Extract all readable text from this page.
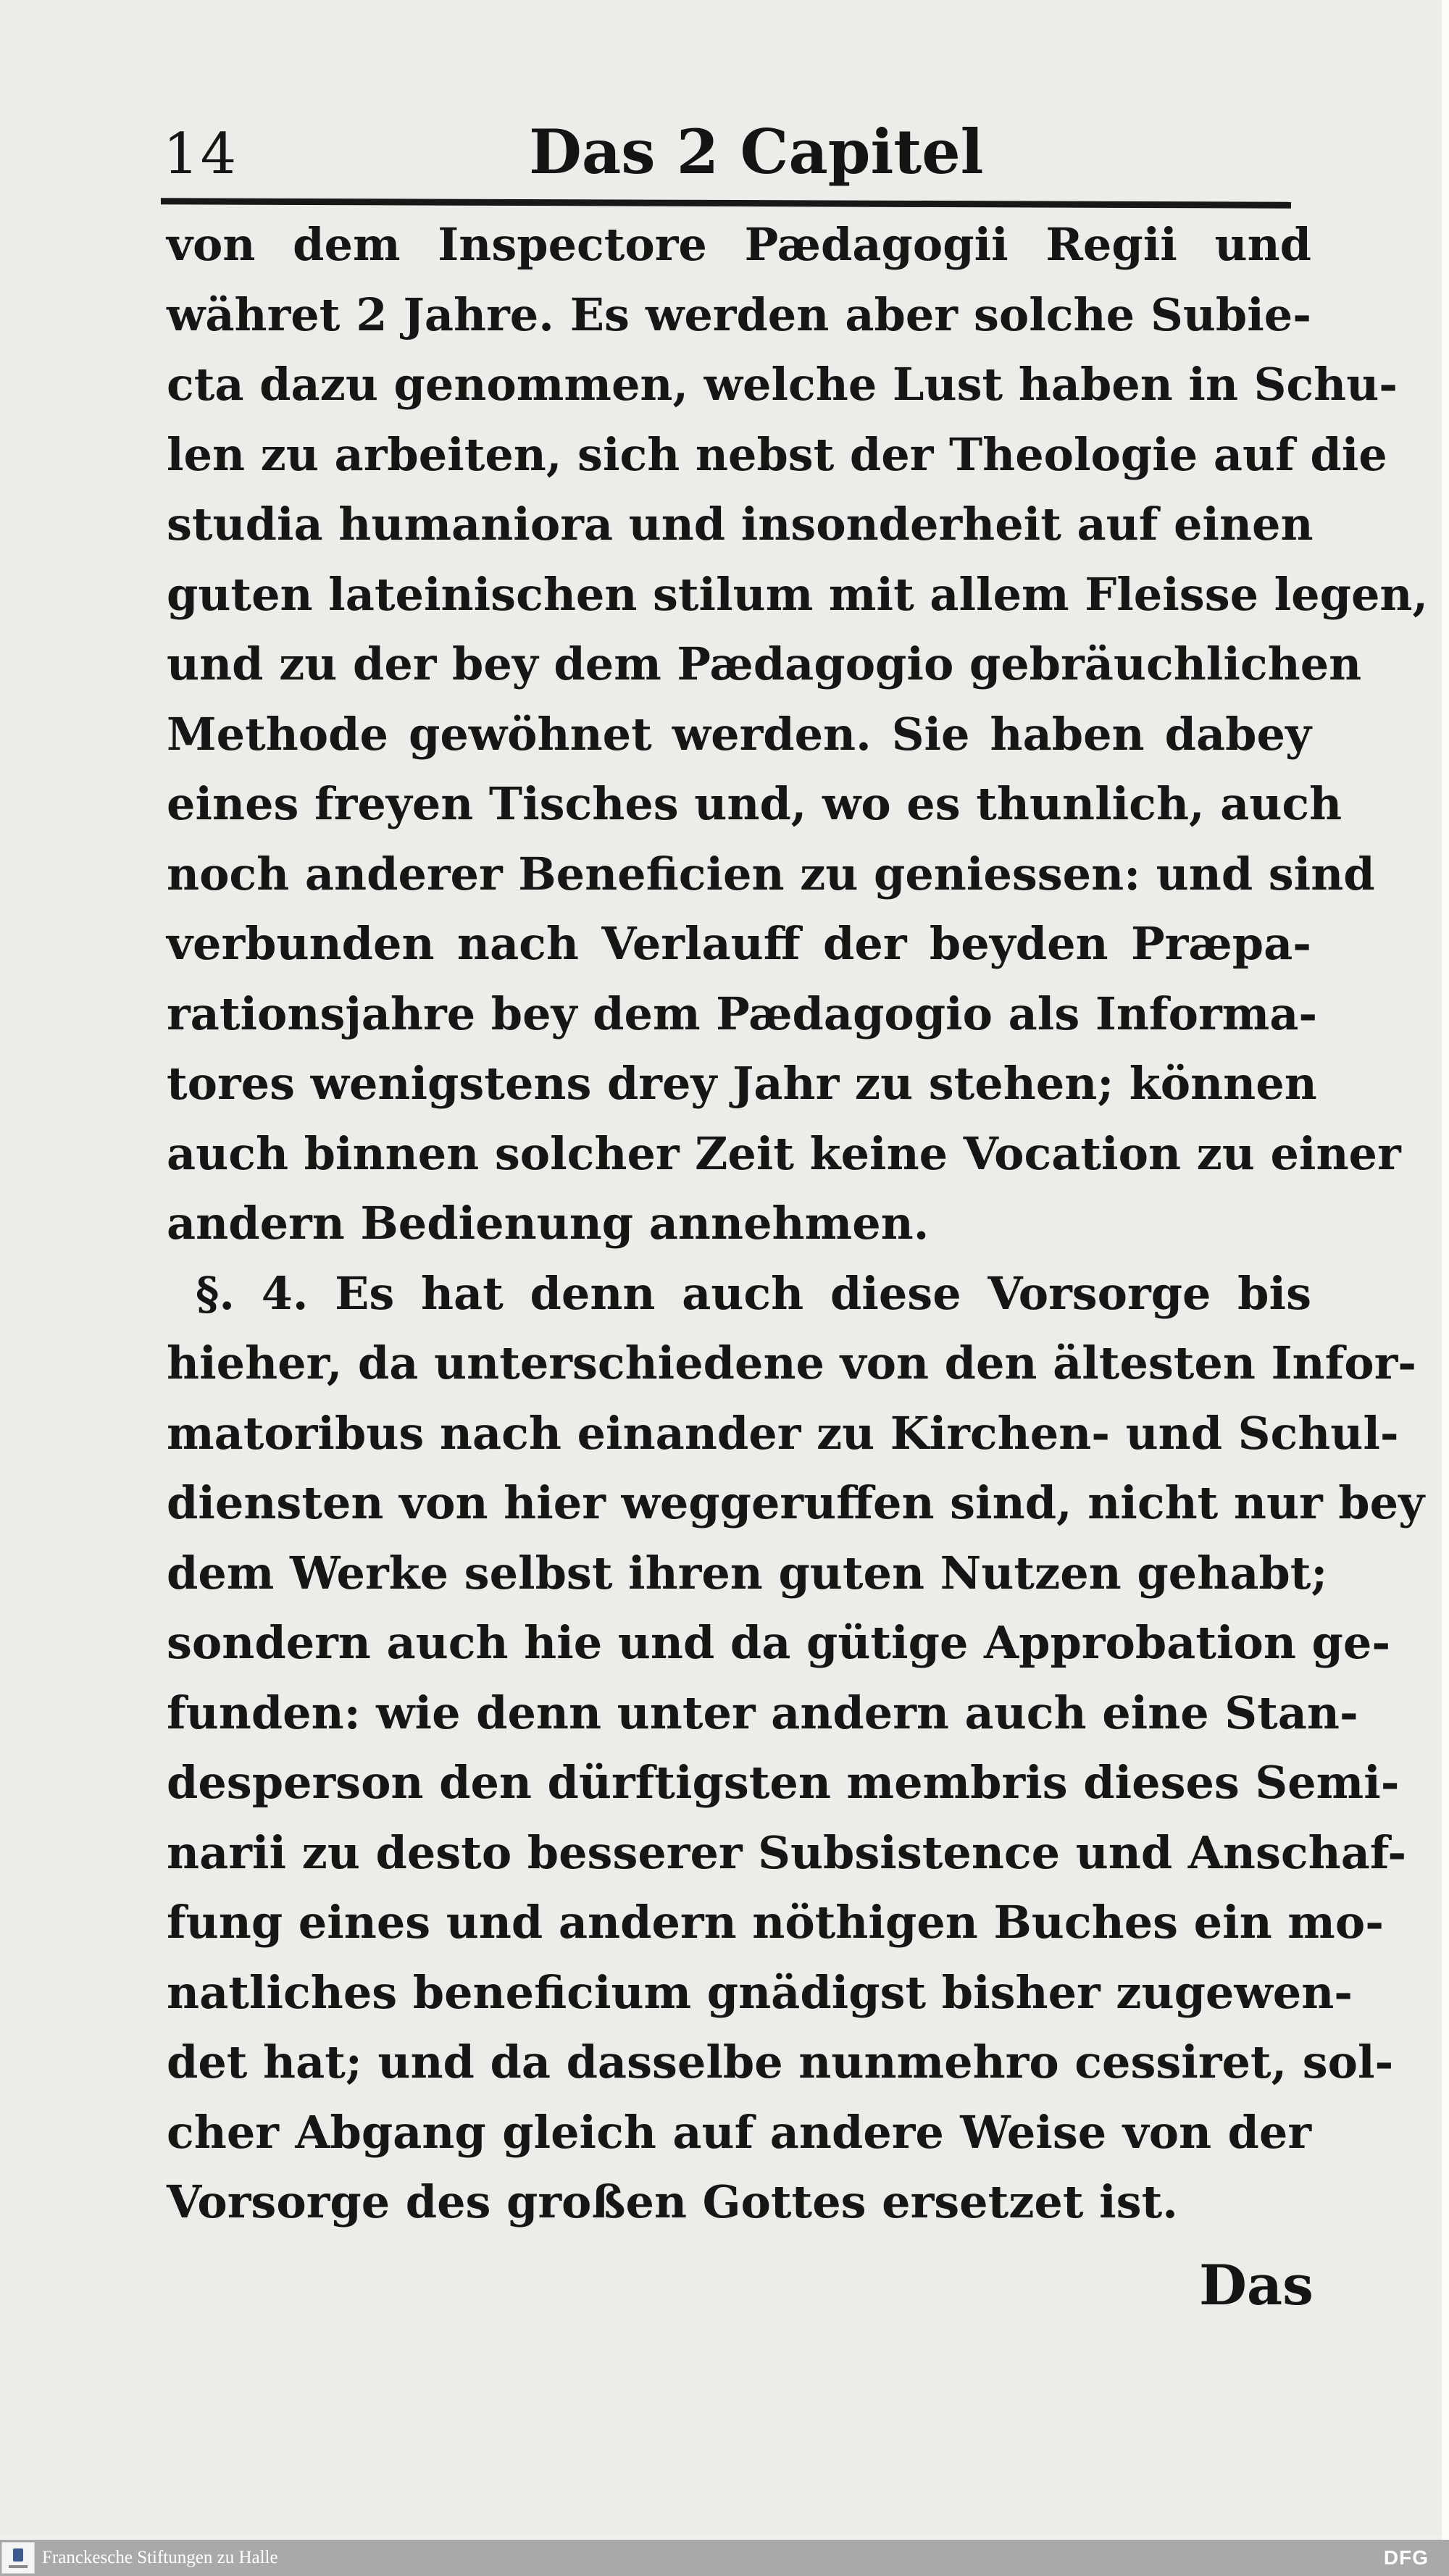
14	Das 2 Capitel
von dem Inspectore Pædagogii Regii und
währet 2 Jahre. Es werden aber solche Subie-
cta dazu genommen, welche Lust haben in Schu-
len zu arbeiten, sich nebst der Theologie auf die
studia humaniora und insonderheit auf einen
guten lateinischen stilum mit allem Fleisse legen,
und zu der bey dem Pædagogio gebräuchlichen
Methode gewöhnet werden. Sie haben dabey
eines freyen Tisches und, wo es thunlich, auch
noch anderer Beneficien zu geniessen: und sind
verbunden nach Verlauff der beyden Præpa-
rationsjahre bey dem Pædagogio als Informa-
tores wenigstens drey Jahr zu stehen; können
auch binnen solcher Zeit keine Vocation zu einer
andern Bedienung annehmen.
§. 4. Es hat denn auch diese Vorsorge bis
hieher, da unterschiedene von den ältesten Infor-
matoribus nach einander zu Kirchen- und Schul-
diensten von hier weggeruffen sind, nicht nur bey
dem Werke selbst ihren guten Nutzen gehabt;
sondern auch hie und da gütige Approbation ge-
funden: wie denn unter andern auch eine Stan-
desperson den dürftigsten membris dieses Semi-
narii zu desto besserer Subsistence und Anschaf-
fung eines und andern nöthigen Buches ein mo-
natliches beneficium gnädigst bisher zugewen-
det hat; und da dasselbe nunmehro cessiret, sol-
cher Abgang gleich auf andere Weise von der
Vorsorge des großen Gottes ersetzet ist.
Das
Franckesche Stiftungen zu Halle	DFG
